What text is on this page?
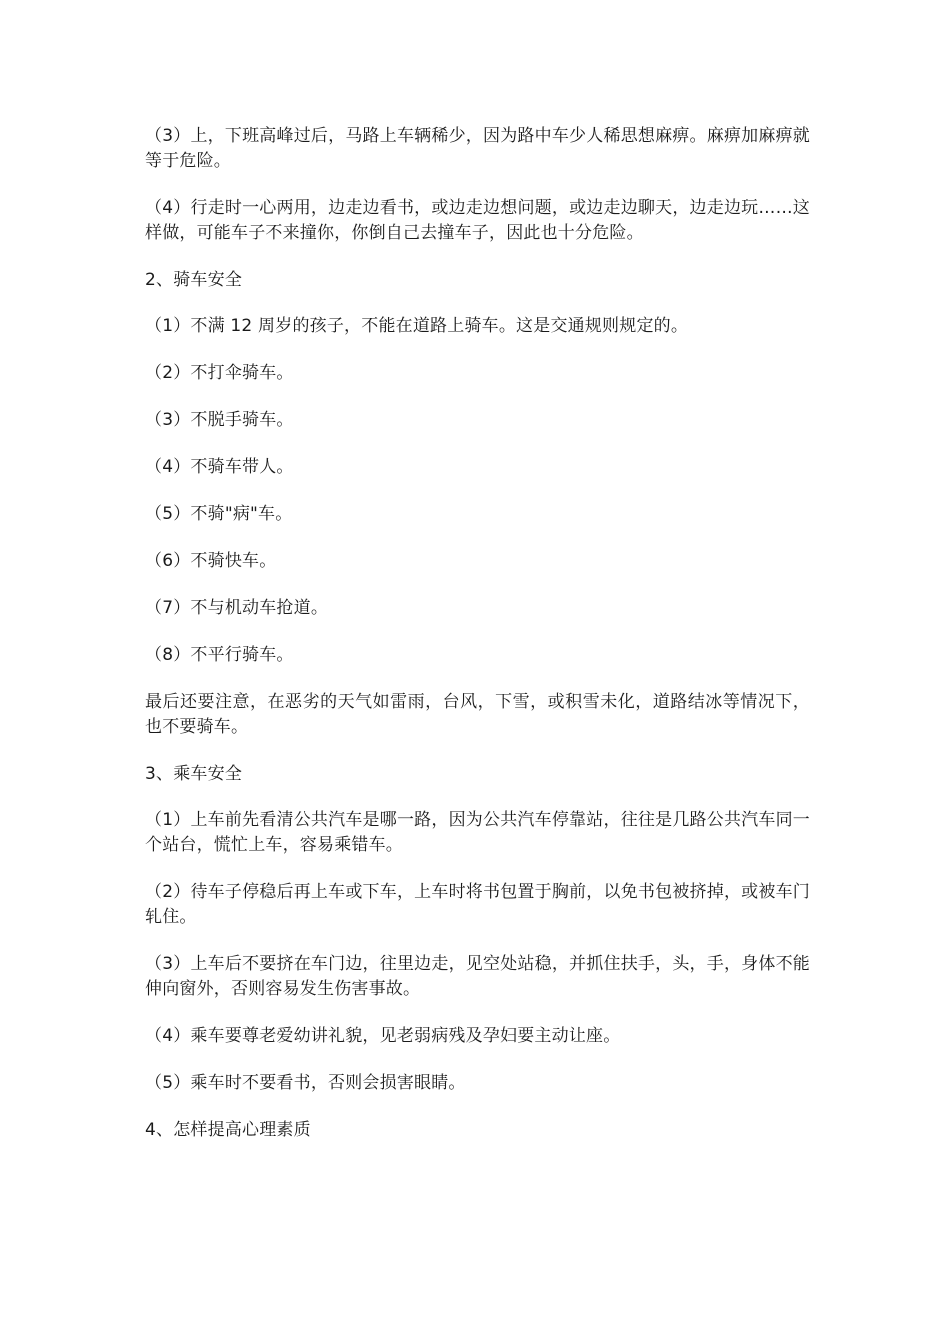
（3）上，下班高峰过后，马路上车辆稀少，因为路中车少人稀思想麻痹。麻痹加麻痹就等于危险。

（4）行走时一心两用，边走边看书，或边走边想问题，或边走边聊天，边走边玩……这样做，可能车子不来撞你，你倒自己去撞车子，因此也十分危险。

2、骑车安全

（1）不满 12 周岁的孩子，不能在道路上骑车。这是交通规则规定的。

（2）不打伞骑车。

（3）不脱手骑车。

（4）不骑车带人。

（5）不骑"病"车。

（6）不骑快车。

（7）不与机动车抢道。

（8）不平行骑车。

最后还要注意，在恶劣的天气如雷雨，台风，下雪，或积雪未化，道路结冰等情况下，也不要骑车。

3、乘车安全

（1）上车前先看清公共汽车是哪一路，因为公共汽车停靠站，往往是几路公共汽车同一个站台，慌忙上车，容易乘错车。

（2）待车子停稳后再上车或下车，上车时将书包置于胸前，以免书包被挤掉，或被车门轧住。

（3）上车后不要挤在车门边，往里边走，见空处站稳，并抓住扶手，头，手，身体不能伸向窗外，否则容易发生伤害事故。

（4）乘车要尊老爱幼讲礼貌，见老弱病残及孕妇要主动让座。

（5）乘车时不要看书，否则会损害眼睛。

4、怎样提高心理素质
